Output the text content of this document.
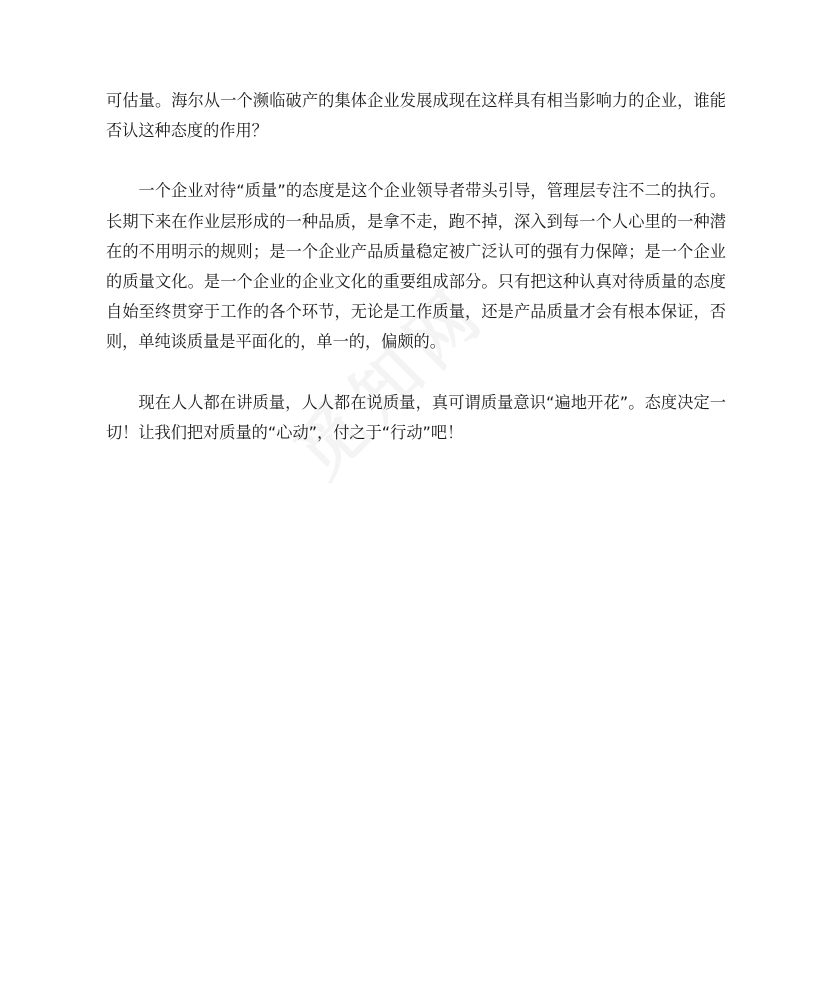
可估量。海尔从一个濒临破产的集体企业发展成现在这样具有相当影响力的企业，谁能否认这种态度的作用？

一个企业对待“质量”的态度是这个企业领导者带头引导，管理层专注不二的执行。长期下来在作业层形成的一种品质，是拿不走，跑不掉，深入到每一个人心里的一种潜在的不用明示的规则；是一个企业产品质量稳定被广泛认可的强有力保障；是一个企业的质量文化。是一个企业的企业文化的重要组成部分。只有把这种认真对待质量的态度自始至终贯穿于工作的各个环节，无论是工作质量，还是产品质量才会有根本保证，否则，单纯谈质量是平面化的，单一的，偏颇的。

现在人人都在讲质量，人人都在说质量，真可谓质量意识“遍地开花”。态度决定一切！让我们把对质量的“心动”，付之于“行动”吧！
